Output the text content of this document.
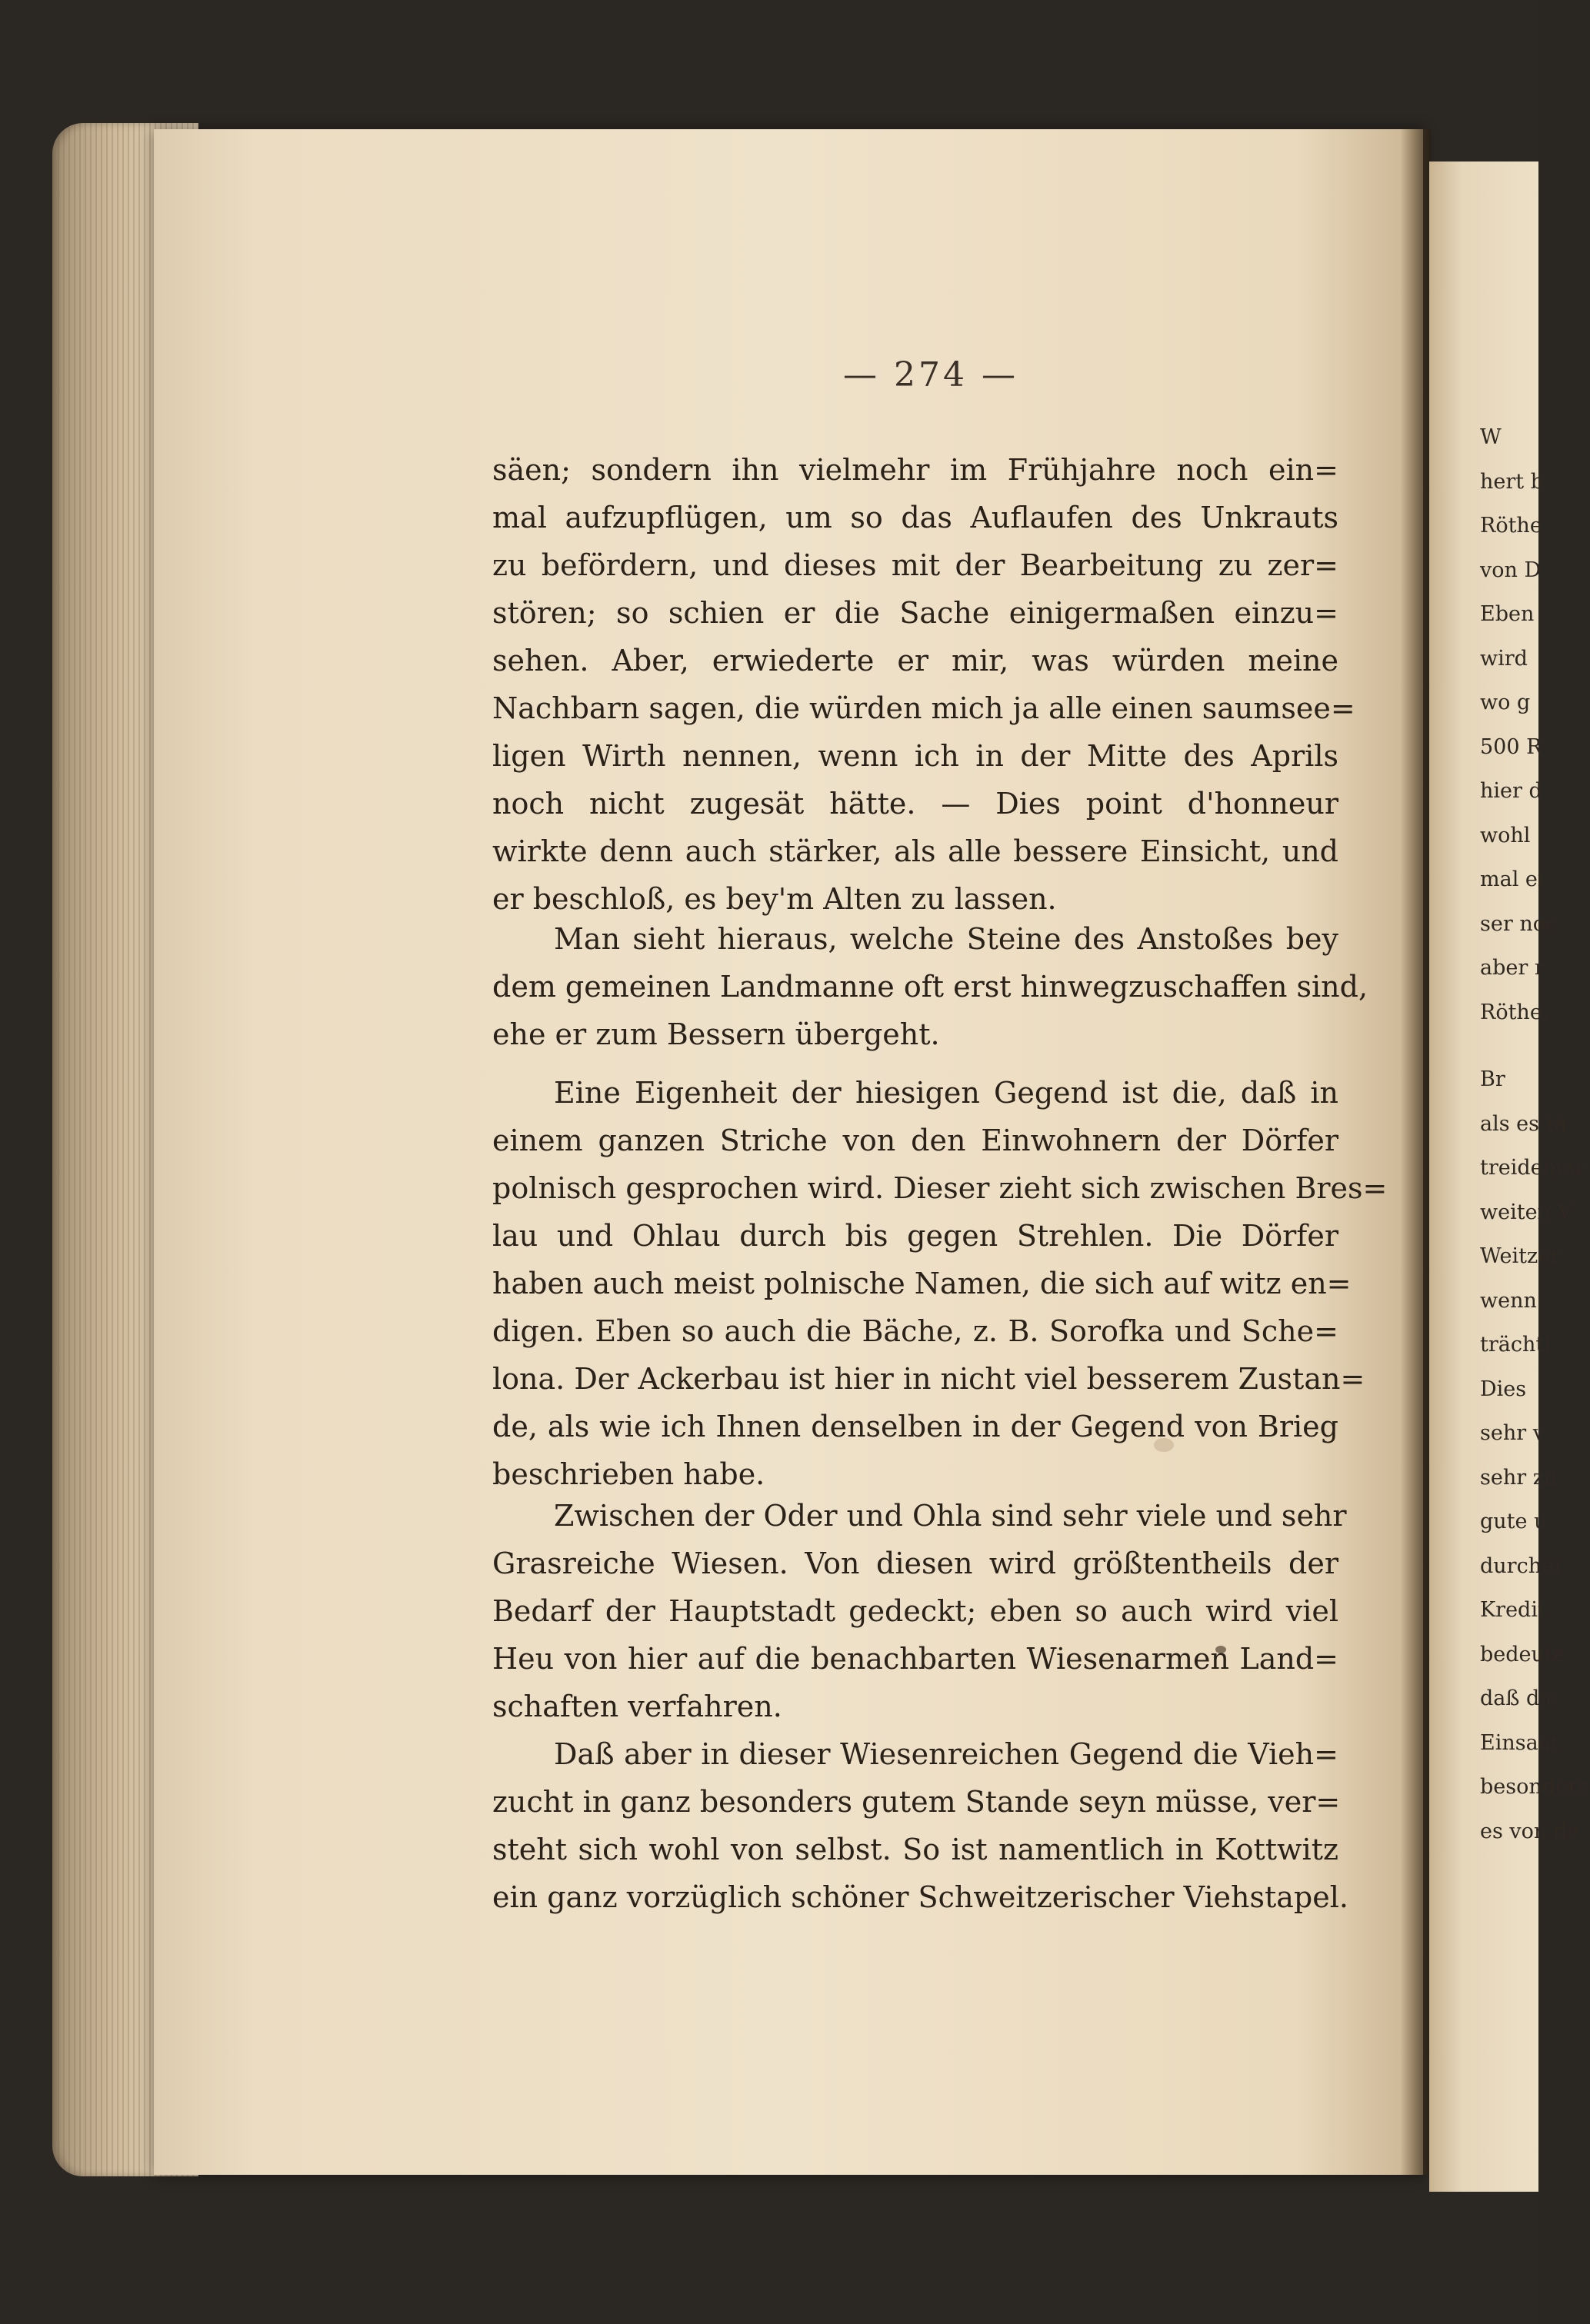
W
hert b
Röthe
von D
Eben
wird
wo g
500 R
hier d
wohl
mal ei
ser noc
aber r
Röthe,
Br
als es tä
treidemar
weiten V
Weitzer
wenn
trächtl
Dies
sehr v
sehr zu
gute u
durchei
Kredit
bedeute
daß die
Einsaat
besondere
es von de
— 274 —
säen; sondern ihn vielmehr im Frühjahre noch ein=
mal aufzupflügen, um so das Auflaufen des Unkrauts
zu befördern, und dieses mit der Bearbeitung zu zer=
stören; so schien er die Sache einigermaßen einzu=
sehen. Aber, erwiederte er mir, was würden meine
Nachbarn sagen, die würden mich ja alle einen saumsee=
ligen Wirth nennen, wenn ich in der Mitte des Aprils
noch nicht zugesät hätte. — Dies point d'honneur
wirkte denn auch stärker, als alle bessere Einsicht, und
er beschloß, es bey'm Alten zu lassen.
Man sieht hieraus, welche Steine des Anstoßes bey
dem gemeinen Landmanne oft erst hinwegzuschaffen sind,
ehe er zum Bessern übergeht.
Eine Eigenheit der hiesigen Gegend ist die, daß in
einem ganzen Striche von den Einwohnern der Dörfer
polnisch gesprochen wird. Dieser zieht sich zwischen Bres=
lau und Ohlau durch bis gegen Strehlen. Die Dörfer
haben auch meist polnische Namen, die sich auf witz en=
digen. Eben so auch die Bäche, z. B. Sorofka und Sche=
lona. Der Ackerbau ist hier in nicht viel besserem Zustan=
de, als wie ich Ihnen denselben in der Gegend von Brieg
beschrieben habe.
Zwischen der Oder und Ohla sind sehr viele und sehr
Grasreiche Wiesen. Von diesen wird größtentheils der
Bedarf der Hauptstadt gedeckt; eben so auch wird viel
Heu von hier auf die benachbarten Wiesenarmen Land=
schaften verfahren.
Daß aber in dieser Wiesenreichen Gegend die Vieh=
zucht in ganz besonders gutem Stande seyn müsse, ver=
steht sich wohl von selbst. So ist namentlich in Kottwitz
ein ganz vorzüglich schöner Schweitzerischer Viehstapel.
